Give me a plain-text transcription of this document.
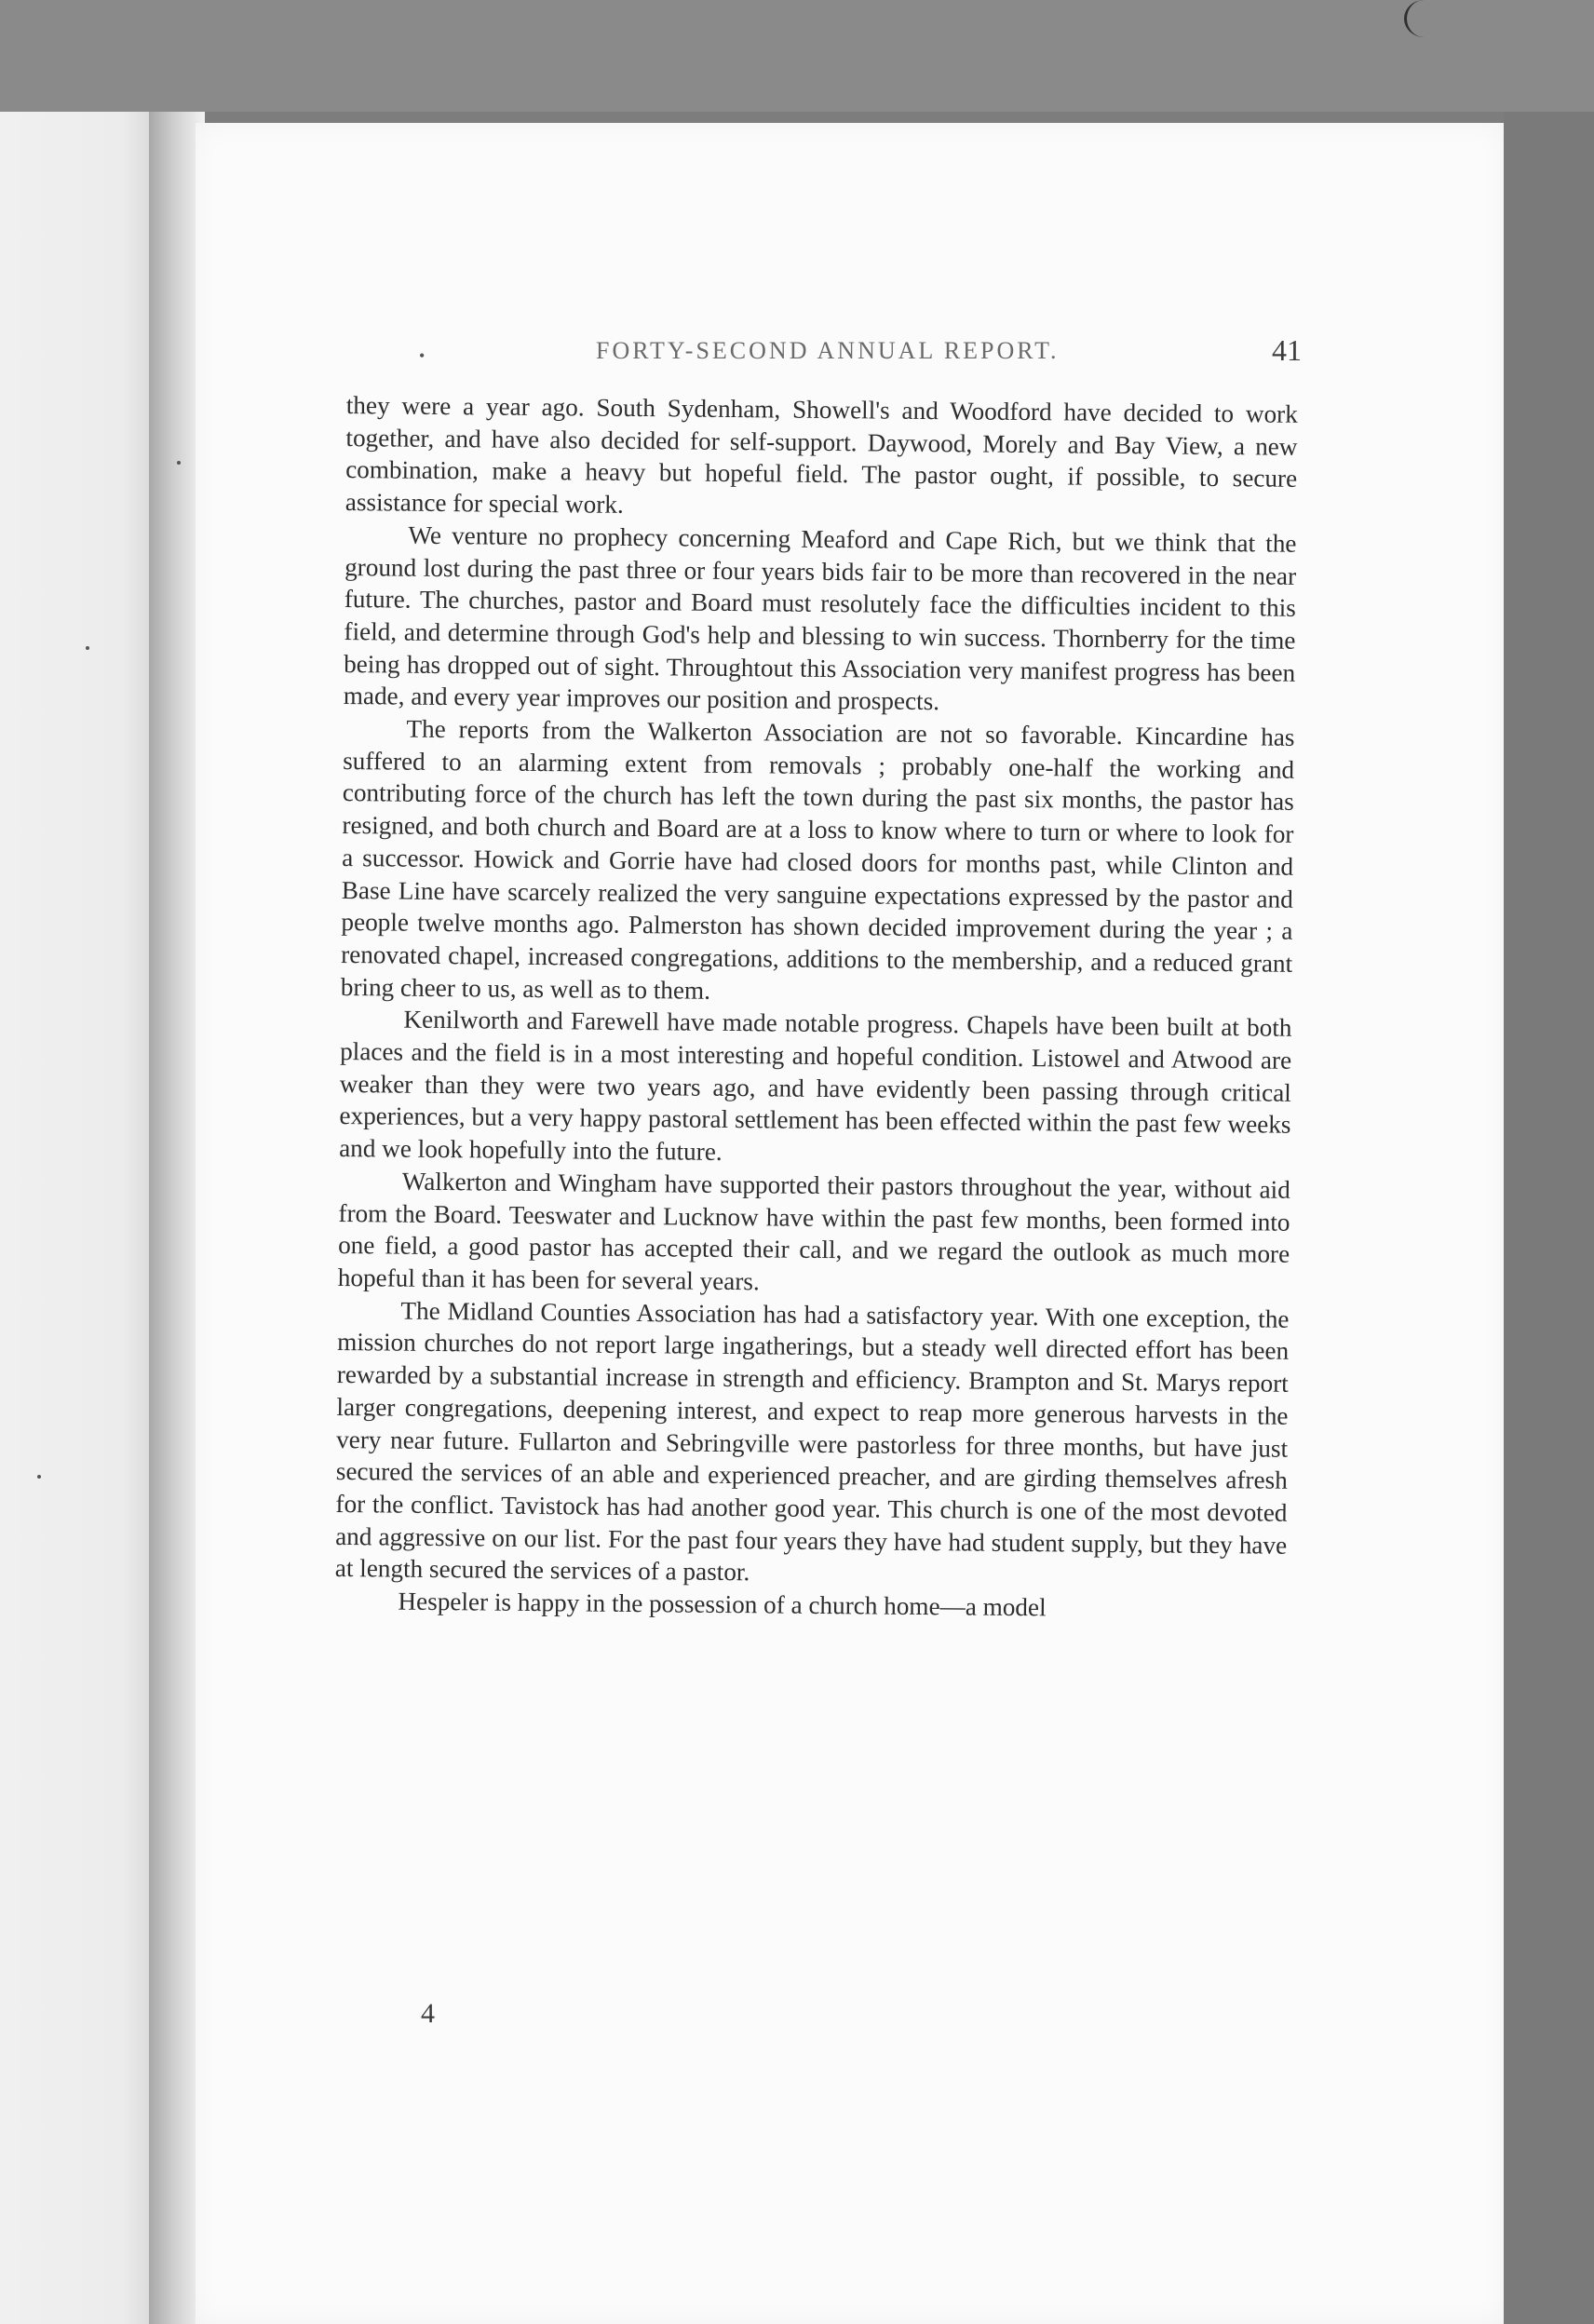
•	FORTY-SECOND ANNUAL REPORT.	41

they were a year ago. South Sydenham, Showell's and Woodford have decided to work together, and have also decided for self-support. Daywood, Morely and Bay View, a new combination, make a heavy but hopeful field. The pastor ought, if possible, to secure assistance for special work.

We venture no prophecy concerning Meaford and Cape Rich, but we think that the ground lost during the past three or four years bids fair to be more than recovered in the near future. The churches, pastor and Board must resolutely face the difficulties incident to this field, and determine through God's help and blessing to win success. Thornberry for the time being has dropped out of sight. Throughtout this Association very manifest progress has been made, and every year improves our position and prospects.

The reports from the Walkerton Association are not so favorable. Kincardine has suffered to an alarming extent from removals ; probably one-half the working and contributing force of the church has left the town during the past six months, the pastor has resigned, and both church and Board are at a loss to know where to turn or where to look for a successor. Howick and Gorrie have had closed doors for months past, while Clinton and Base Line have scarcely realized the very sanguine expectations expressed by the pastor and people twelve months ago. Palmerston has shown decided improvement during the year ; a renovated chapel, increased congregations, additions to the membership, and a reduced grant bring cheer to us, as well as to them.

Kenilworth and Farewell have made notable progress. Chapels have been built at both places and the field is in a most interesting and hopeful condition. Listowel and Atwood are weaker than they were two years ago, and have evidently been passing through critical experiences, but a very happy pastoral settlement has been effected within the past few weeks and we look hopefully into the future.

Walkerton and Wingham have supported their pastors throughout the year, without aid from the Board. Teeswater and Lucknow have within the past few months, been formed into one field, a good pastor has accepted their call, and we regard the outlook as much more hopeful than it has been for several years.

The Midland Counties Association has had a satisfactory year. With one exception, the mission churches do not report large ingatherings, but a steady well directed effort has been rewarded by a substantial increase in strength and efficiency. Brampton and St. Marys report larger congregations, deepening interest, and expect to reap more generous harvests in the very near future. Fullarton and Sebringville were pastorless for three months, but have just secured the services of an able and experienced preacher, and are girding themselves afresh for the conflict. Tavistock has had another good year. This church is one of the most devoted and aggressive on our list. For the past four years they have had student supply, but they have at length secured the services of a pastor.

Hespeler is happy in the possession of a church home—a model

4
